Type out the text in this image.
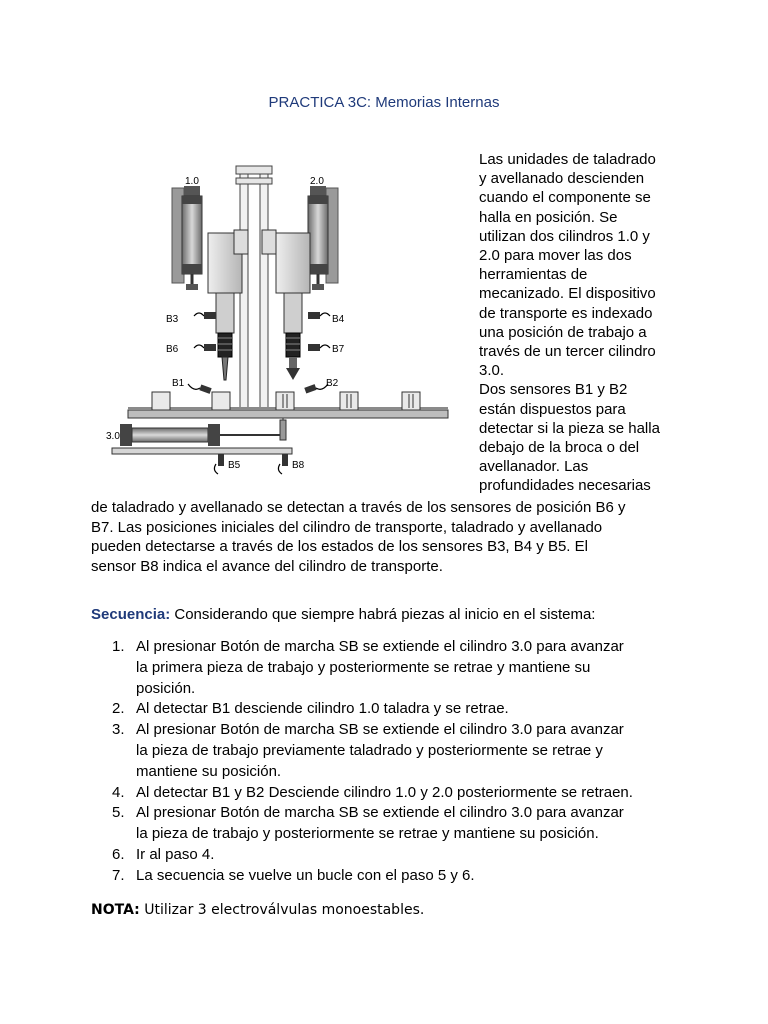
PRACTICA 3C: Memorias Internas
1.0	2.0
3.0
B3
B6
B4
B7
B1	B2
B5	B8

Las unidades de taladrado

y avellanado descienden

cuando el componente se

halla en posición. Se

utilizan dos cilindros 1.0 y

2.0 para mover las dos

herramientas de

mecanizado. El dispositivo

de transporte es indexado

una posición de trabajo a

través de un tercer cilindro

3.0.

Dos sensores B1 y B2

están dispuestos para

detectar si la pieza se halla

debajo de la broca o del

avellanador. Las

profundidades necesarias

de taladrado y avellanado se detectan a través de los sensores de posición B6 y
B7. Las posiciones iniciales del cilindro de transporte, taladrado y avellanado
pueden detectarse a través de los estados de los sensores B3, B4 y B5. El
sensor B8 indica el avance del cilindro de transporte.
Secuencia: Considerando que siempre habrá piezas al inicio en el sistema:
1. Al presionar Botón de marcha SB se extiende el cilindro 3.0 para avanzar
la primera pieza de trabajo y posteriormente se retrae y mantiene su
posición.
2. Al detectar B1 desciende cilindro 1.0 taladra y se retrae.
3. Al presionar Botón de marcha SB se extiende el cilindro 3.0 para avanzar
la pieza de trabajo previamente taladrado y posteriormente se retrae y
mantiene su posición.
4. Al detectar B1 y B2 Desciende cilindro 1.0 y 2.0 posteriormente se retraen.
5. Al presionar Botón de marcha SB se extiende el cilindro 3.0 para avanzar
la pieza de trabajo y posteriormente se retrae y mantiene su posición.
6. Ir al paso 4.
7. La secuencia se vuelve un bucle con el paso 5 y 6.
NOTA: Utilizar 3 electroválvulas monoestables.
